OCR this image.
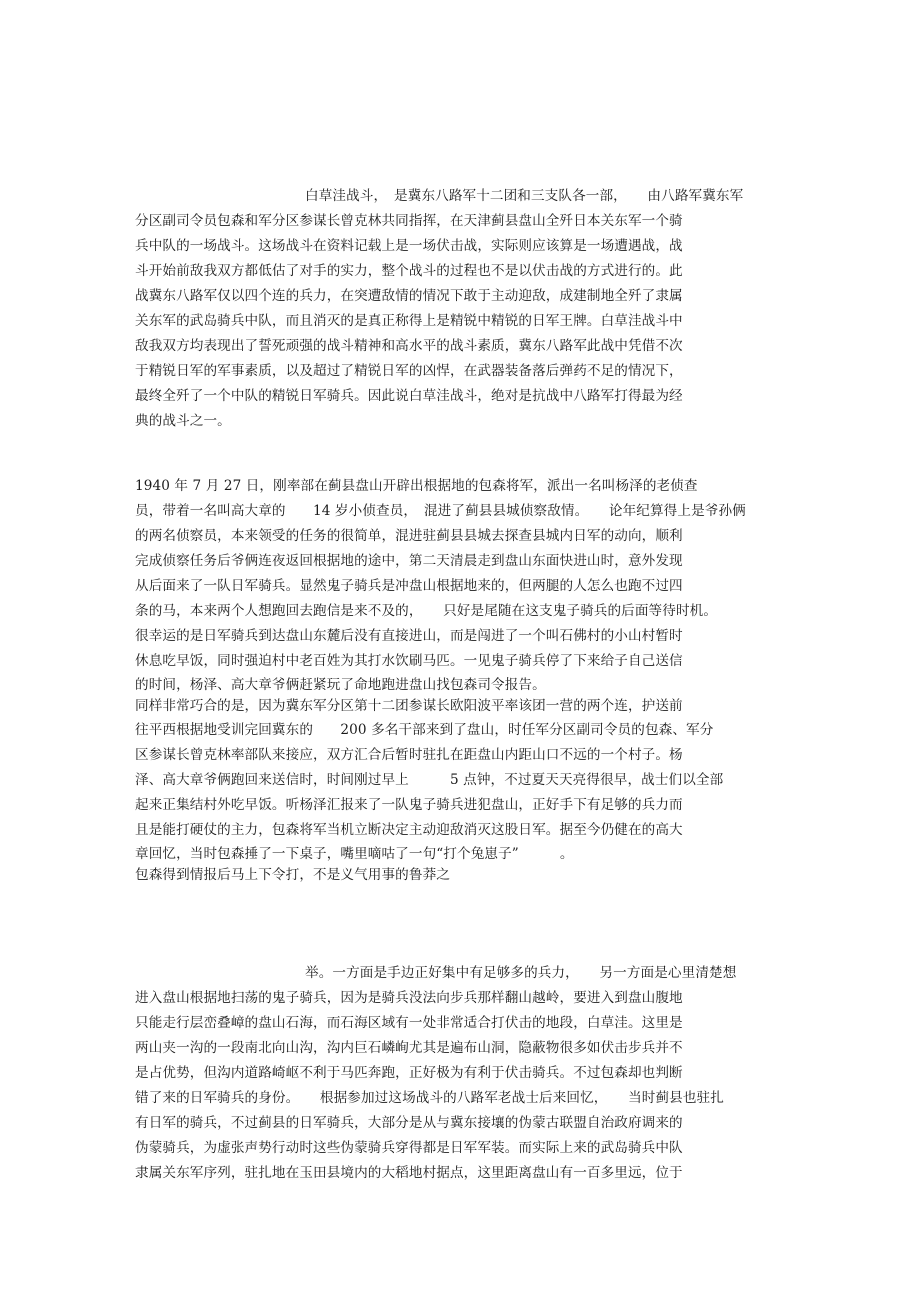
白草洼战斗，　是冀东八路军十二团和三支队各一部，　　由八路军冀东军
分区副司令员包森和军分区参谋长曾克林共同指挥，在天津蓟县盘山全歼日本关东军一个骑
兵中队的一场战斗。这场战斗在资料记载上是一场伏击战，实际则应该算是一场遭遇战，战
斗开始前敌我双方都低估了对手的实力，整个战斗的过程也不是以伏击战的方式进行的。此
战冀东八路军仅以四个连的兵力，在突遭敌情的情况下敢于主动迎敌，成建制地全歼了隶属
关东军的武岛骑兵中队，而且消灭的是真正称得上是精锐中精锐的日军王牌。白草洼战斗中
敌我双方均表现出了誓死顽强的战斗精神和高水平的战斗素质，冀东八路军此战中凭借不次
于精锐日军的军事素质，以及超过了精锐日军的凶悍，在武器装备落后弹药不足的情况下，
最终全歼了一个中队的精锐日军骑兵。因此说白草洼战斗，绝对是抗战中八路军打得最为经
典的战斗之一。
1940 年 7 月 27 日，刚率部在蓟县盘山开辟出根据地的包森将军，派出一名叫杨泽的老侦查
员，带着一名叫高大章的　　14 岁小侦查员，　混进了蓟县县城侦察敌情。　　论年纪算得上是爷孙俩
的两名侦察员，本来领受的任务的很简单，混进驻蓟县县城去探查县城内日军的动向，顺利
完成侦察任务后爷俩连夜返回根据地的途中，第二天清晨走到盘山东面快进山时，意外发现
从后面来了一队日军骑兵。显然鬼子骑兵是冲盘山根据地来的，但两腿的人怎么也跑不过四
条的马，本来两个人想跑回去跑信是来不及的，　　只好是尾随在这支鬼子骑兵的后面等待时机。
很幸运的是日军骑兵到达盘山东麓后没有直接进山，而是闯进了一个叫石佛村的小山村暂时
休息吃早饭，同时强迫村中老百姓为其打水饮刷马匹。一见鬼子骑兵停了下来给子自己送信
的时间，杨泽、高大章爷俩赶紧玩了命地跑进盘山找包森司令报告。
同样非常巧合的是，因为冀东军分区第十二团参谋长欧阳波平率该团一营的两个连，护送前
往平西根据地受训完回冀东的　　200 多名干部来到了盘山，时任军分区副司令员的包森、军分
区参谋长曾克林率部队来接应，双方汇合后暂时驻扎在距盘山内距山口不远的一个村子。杨
泽、高大章爷俩跑回来送信时，时间刚过早上　　　5 点钟，不过夏天天亮得很早，战士们以全部
起来正集结村外吃早饭。听杨泽汇报来了一队鬼子骑兵进犯盘山，正好手下有足够的兵力而
且是能打硬仗的主力，包森将军当机立断决定主动迎敌消灭这股日军。据至今仍健在的高大
章回忆，当时包森捶了一下桌子，嘴里嘀咕了一句“打个兔崽子”　　　。
包森得到情报后马上下令打，不是义气用事的鲁莽之
举。一方面是手边正好集中有足够多的兵力，　　另一方面是心里清楚想
进入盘山根据地扫荡的鬼子骑兵，因为是骑兵没法向步兵那样翻山越岭，要进入到盘山腹地
只能走行层峦叠嶂的盘山石海，而石海区域有一处非常适合打伏击的地段，白草洼。这里是
两山夹一沟的一段南北向山沟，沟内巨石嶙峋尤其是遍布山洞，隐蔽物很多如伏击步兵并不
是占优势，但沟内道路崎岖不利于马匹奔跑，正好极为有利于伏击骑兵。不过包森却也判断
错了来的日军骑兵的身份。　　根据参加过这场战斗的八路军老战士后来回忆，　　当时蓟县也驻扎
有日军的骑兵，不过蓟县的日军骑兵，大部分是从与冀东接壤的伪蒙古联盟自治政府调来的
伪蒙骑兵，为虚张声势行动时这些伪蒙骑兵穿得都是日军军装。而实际上来的武岛骑兵中队
隶属关东军序列，驻扎地在玉田县境内的大稻地村据点，这里距离盘山有一百多里远，位于
